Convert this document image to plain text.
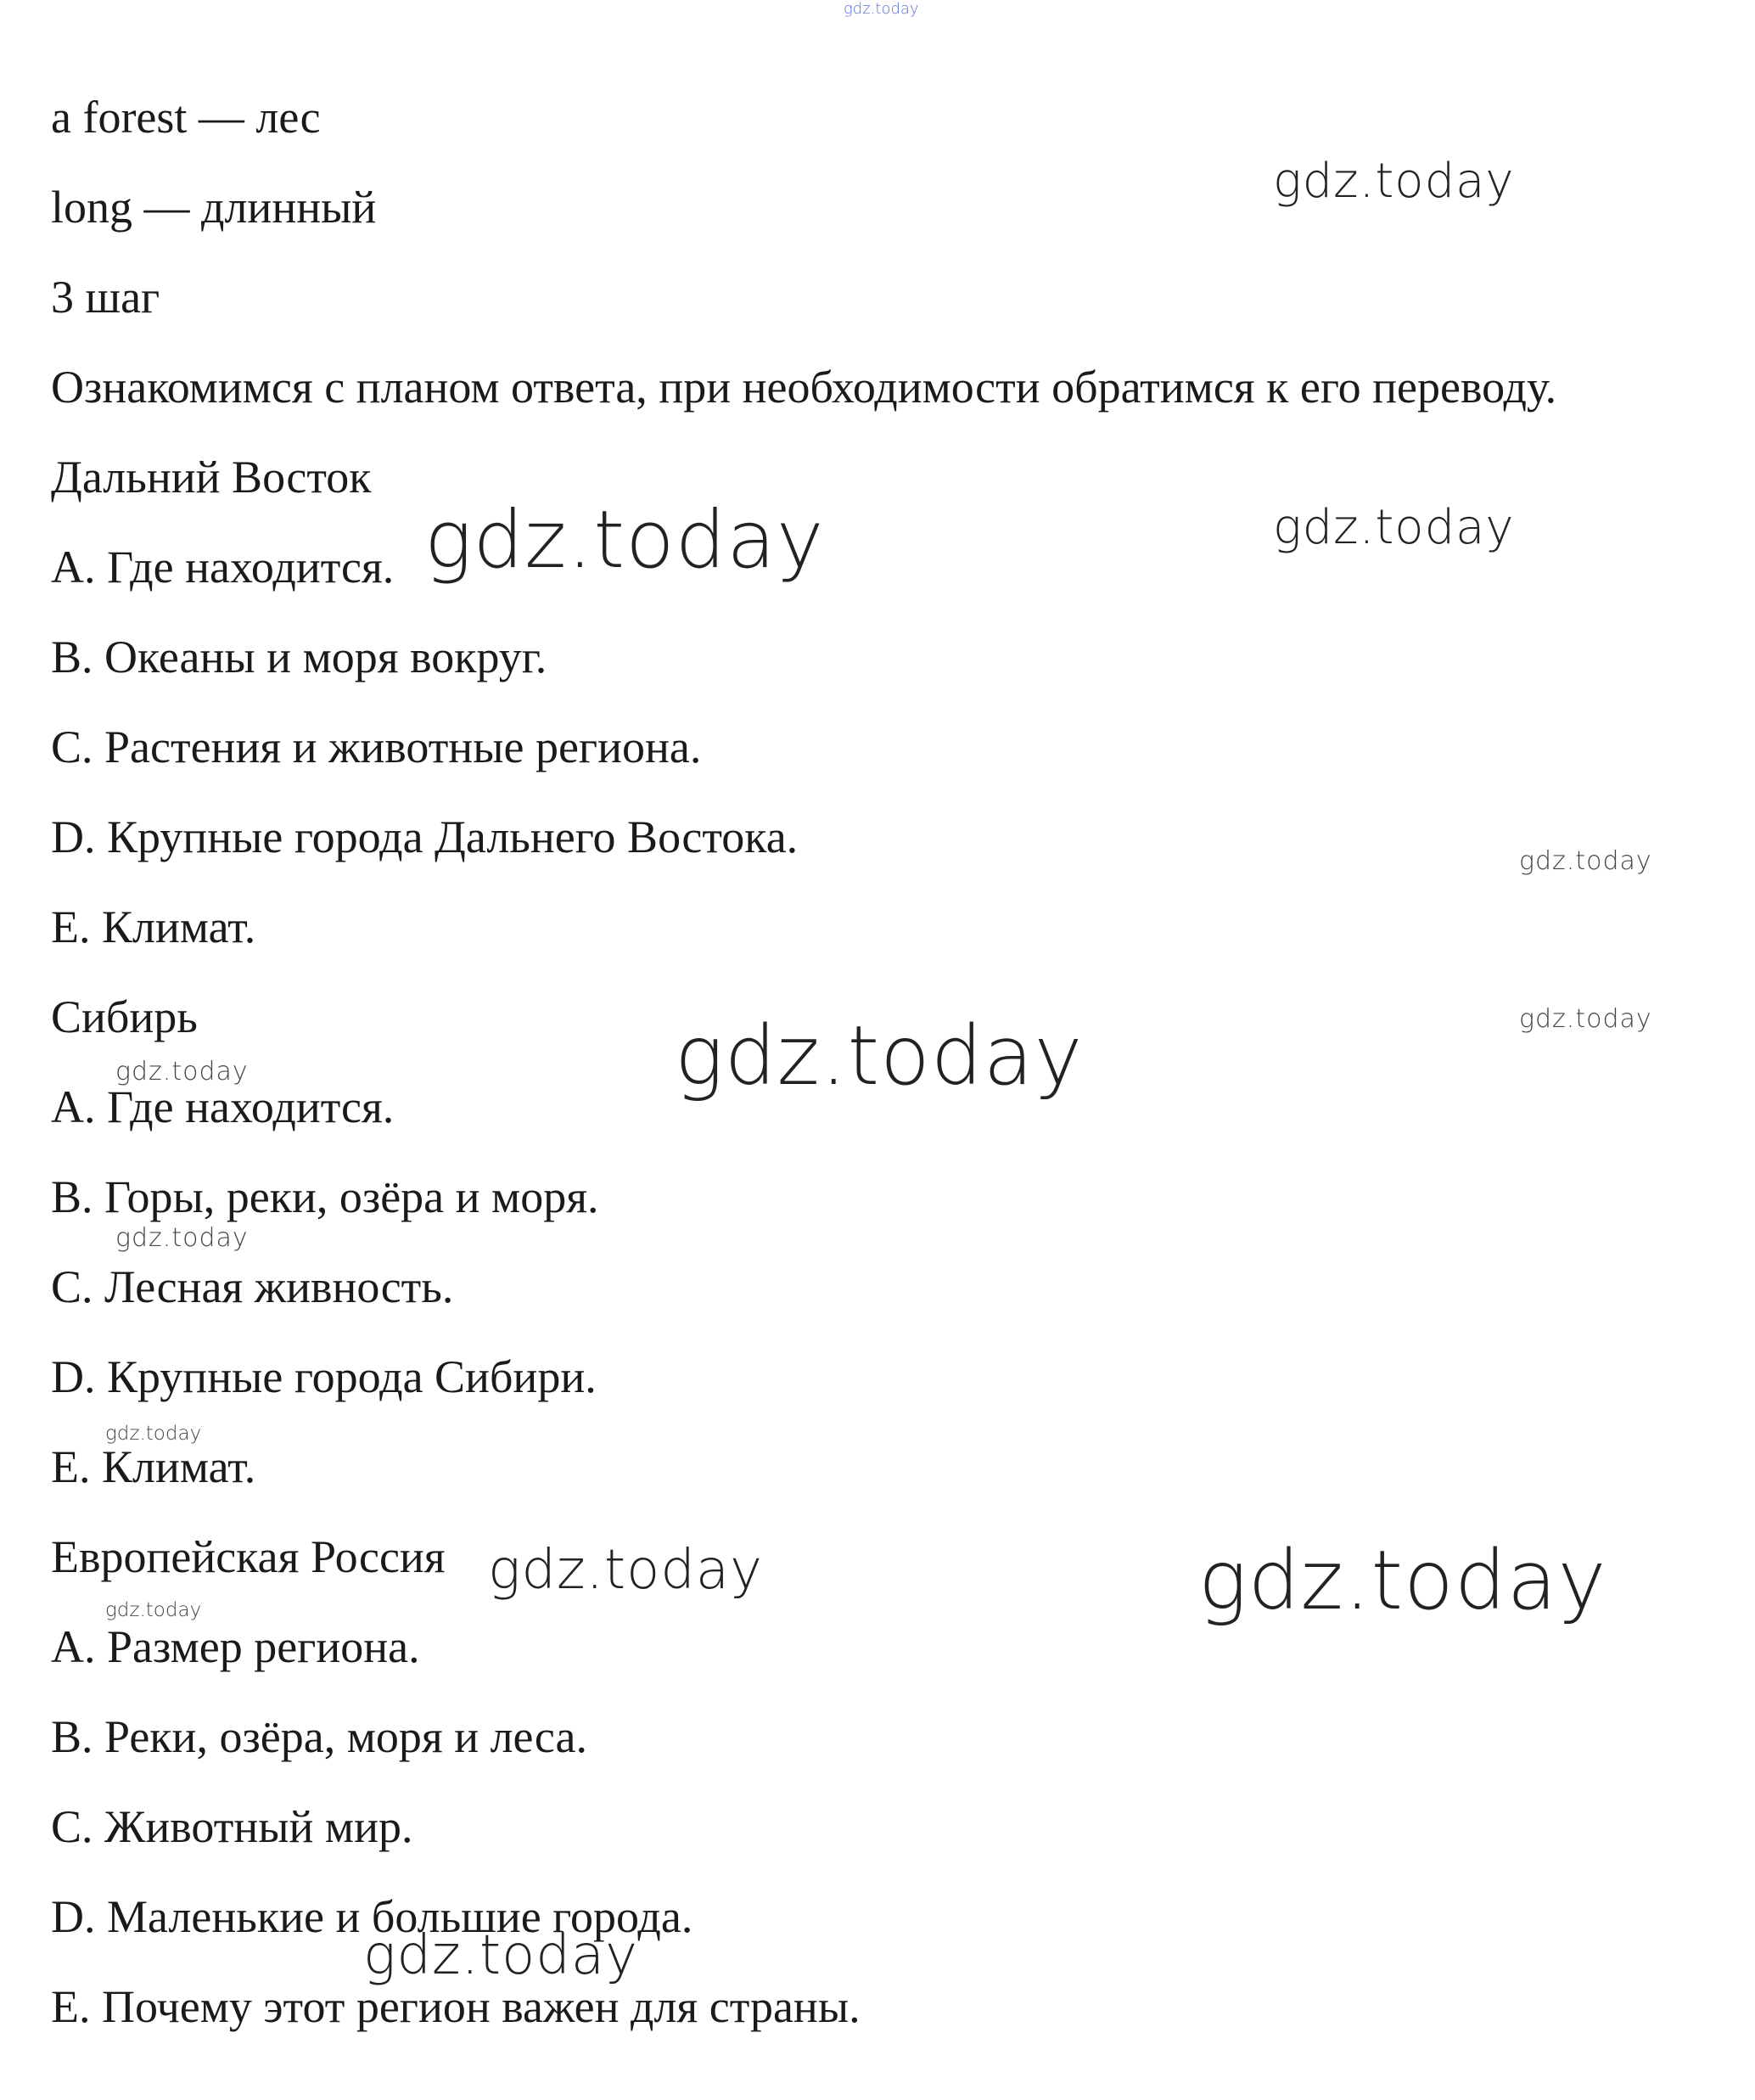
a forest — лес
long — длинный
3 шаг
Ознакомимся с планом ответа, при необходимости обратимся к его переводу.
Дальний Восток
A. Где находится.
B. Океаны и моря вокруг.
C. Растения и животные региона.
D. Крупные города Дальнего Востока.
E. Климат.
Сибирь
A. Где находится.
B. Горы, реки, озёра и моря.
C. Лесная живность.
D. Крупные города Сибири.
E. Климат.
Европейская Россия
A. Размер региона.
B. Реки, озёра, моря и леса.
C. Животный мир.
D. Маленькие и большие города.
E. Почему этот регион важен для страны.
gdz.today
gdz.today
gdz.today	gdz.today
gdz.today
gdz.today
gdz.today
gdz.today
gdz.today
gdz.today
gdz.today	gdz.today
gdz.today
gdz.today
